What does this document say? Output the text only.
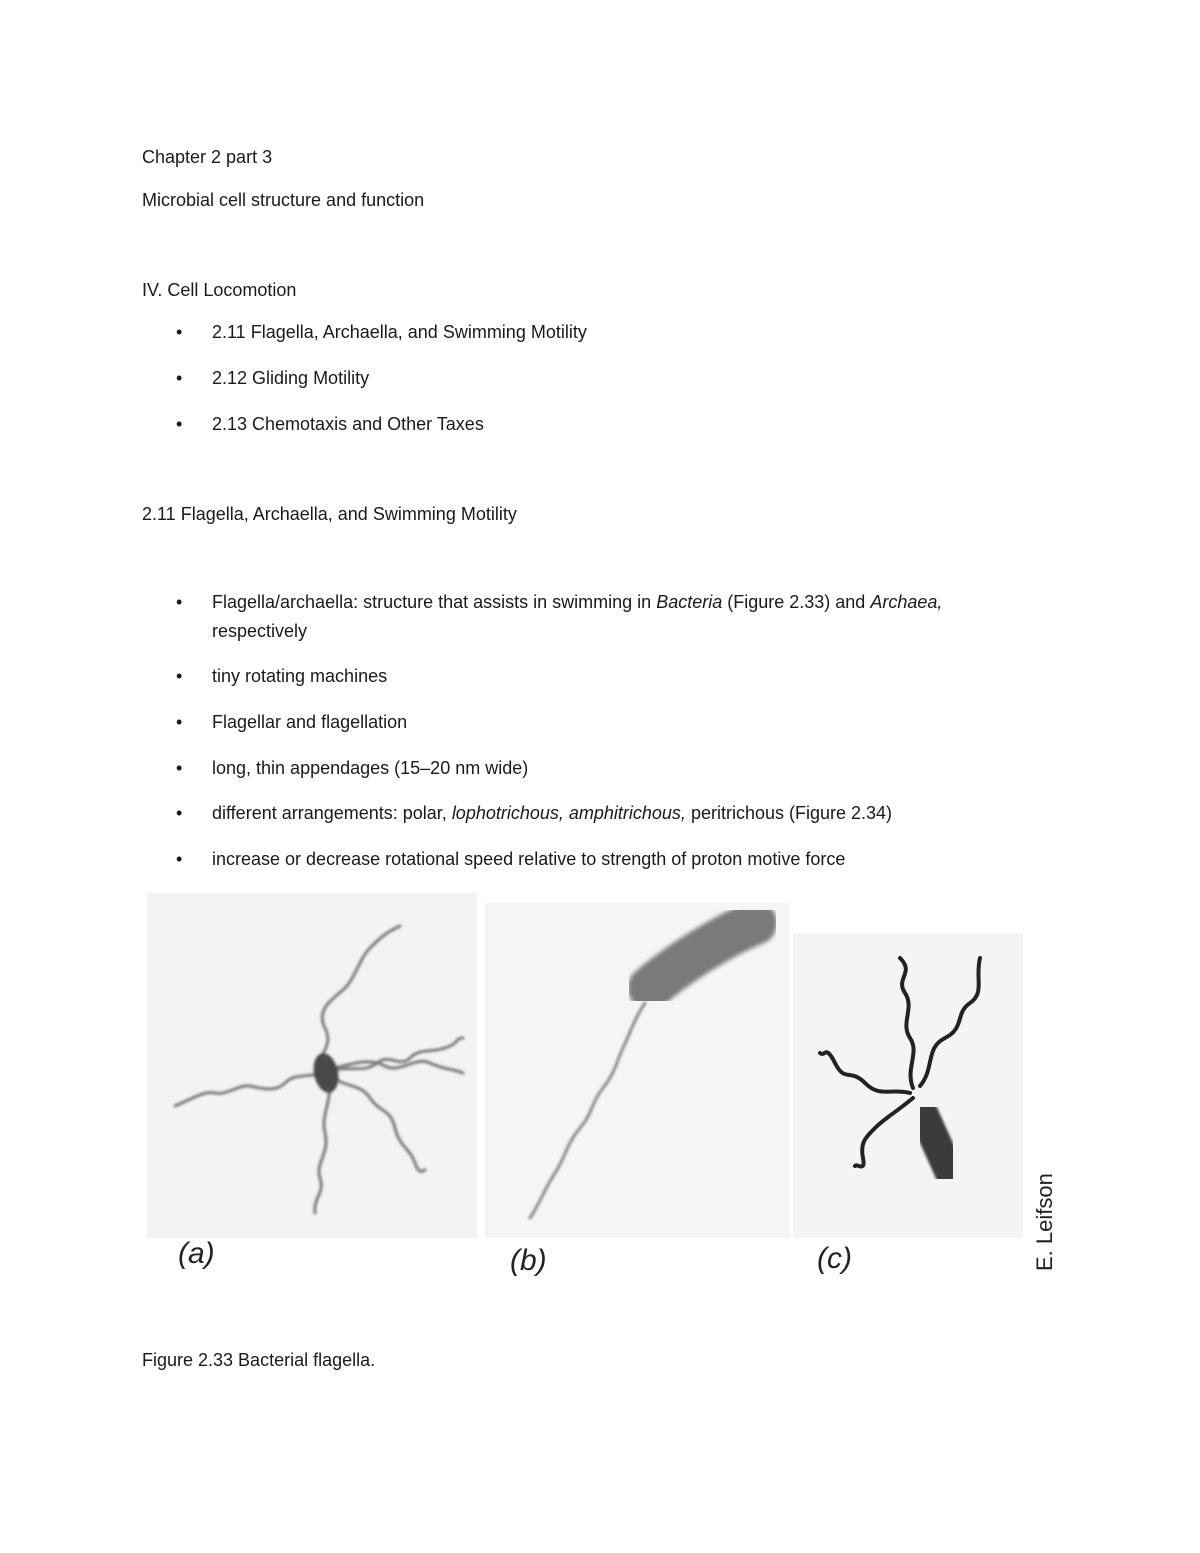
Chapter 2 part 3
Microbial cell structure and function
IV. Cell Locomotion
•	2.11 Flagella, Archaella, and Swimming Motility
•	2.12 Gliding Motility
•	2.13 Chemotaxis and Other Taxes
2.11 Flagella, Archaella, and Swimming Motility
•	Flagella/archaella: structure that assists in swimming in Bacteria (Figure 2.33) and Archaea, respectively
•	tiny rotating machines
•	Flagellar and flagellation
•	long, thin appendages (15–20 nm wide)
•	different arrangements: polar, lophotrichous, amphitrichous, peritrichous (Figure 2.34)
•	increase or decrease rotational speed relative to strength of proton motive force
(a)	(b)	(c)	E. Leifson
Figure 2.33 Bacterial flagella.
